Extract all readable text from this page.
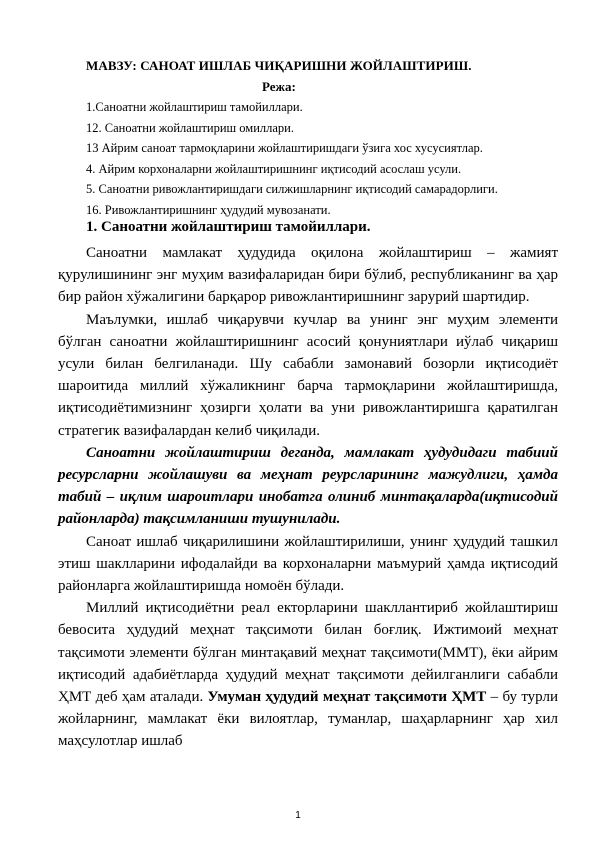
МАВЗУ: САНОАТ ИШЛАБ ЧИҚАРИШНИ ЖОЙЛАШТИРИШ.
Режа:
1.Саноатни жойлаштириш тамойиллари.
12. Саноатни жойлаштириш омиллари.
13 Айрим саноат тармоқларини жойлаштиришдаги ўзига хос хусусиятлар.
4. Айрим корхоналарни жойлаштиришнинг иқтисодий асослаш усули.
5. Саноатни ривожлантиришдаги силжишларнинг иқтисодий самарадорлиги.
16. Ривожлантиришнинг ҳудудий мувозанати.
1. Саноатни жойлаштириш тамойиллари.

Саноатни мамлакат ҳудудида оқилона жойлаштириш – жамият қурулишининг энг муҳим вазифаларидан бири бўлиб, республиканинг ва ҳар бир район хўжалигини барқарор ривожлантиришнинг зарурий шартидир.

Маълумки, ишлаб чиқарувчи кучлар ва унинг энг муҳим элементи бўлган саноатни жойлаштиришнинг асосий қонуниятлари иўлаб чиқариш усули билан белгиланади. Шу сабабли замонавий бозорли иқтисодиёт шароитида миллий хўжаликнинг барча тармоқларини жойлаштиришда, иқтисодиётимизнинг ҳозирги ҳолати ва уни ривожлантиришга қаратилган стратегик вазифалардан келиб чиқилади.

Саноатни жойлаштириш деганда, мамлакат ҳудудидаги табиий ресурсларни жойлашуви ва меҳнат реурсларининг мажудлиги, ҳамда табий – иқлим шароитлари инобатга олиниб минтақаларда(иқтисодий районларда) тақсимланиши тушунилади.

Саноат ишлаб чиқарилишини жойлаштирилиши, унинг ҳудудий ташкил этиш шаклларини ифодалайди ва корхоналарни маъмурий ҳамда иқтисодий районларга жойлаштиришда номоён бўлади.

Миллий иқтисодиётни реал екторларини шакллантириб жойлаштириш бевосита ҳудудий меҳнат тақсимоти билан боғлиқ. Ижтимоий меҳнат тақсимоти элементи бўлган минтақавий меҳнат тақсимоти(ММТ), ёки айрим иқтисодий адабиётларда ҳудудий меҳнат тақсимоти дейилганлиги сабабли ҲМТ деб ҳам аталади. Умуман ҳудудий меҳнат тақсимоти ҲМТ – бу турли жойларнинг, мамлакат ёки вилоятлар, туманлар, шаҳарларнинг ҳар хил маҳсулотлар ишлаб

1
